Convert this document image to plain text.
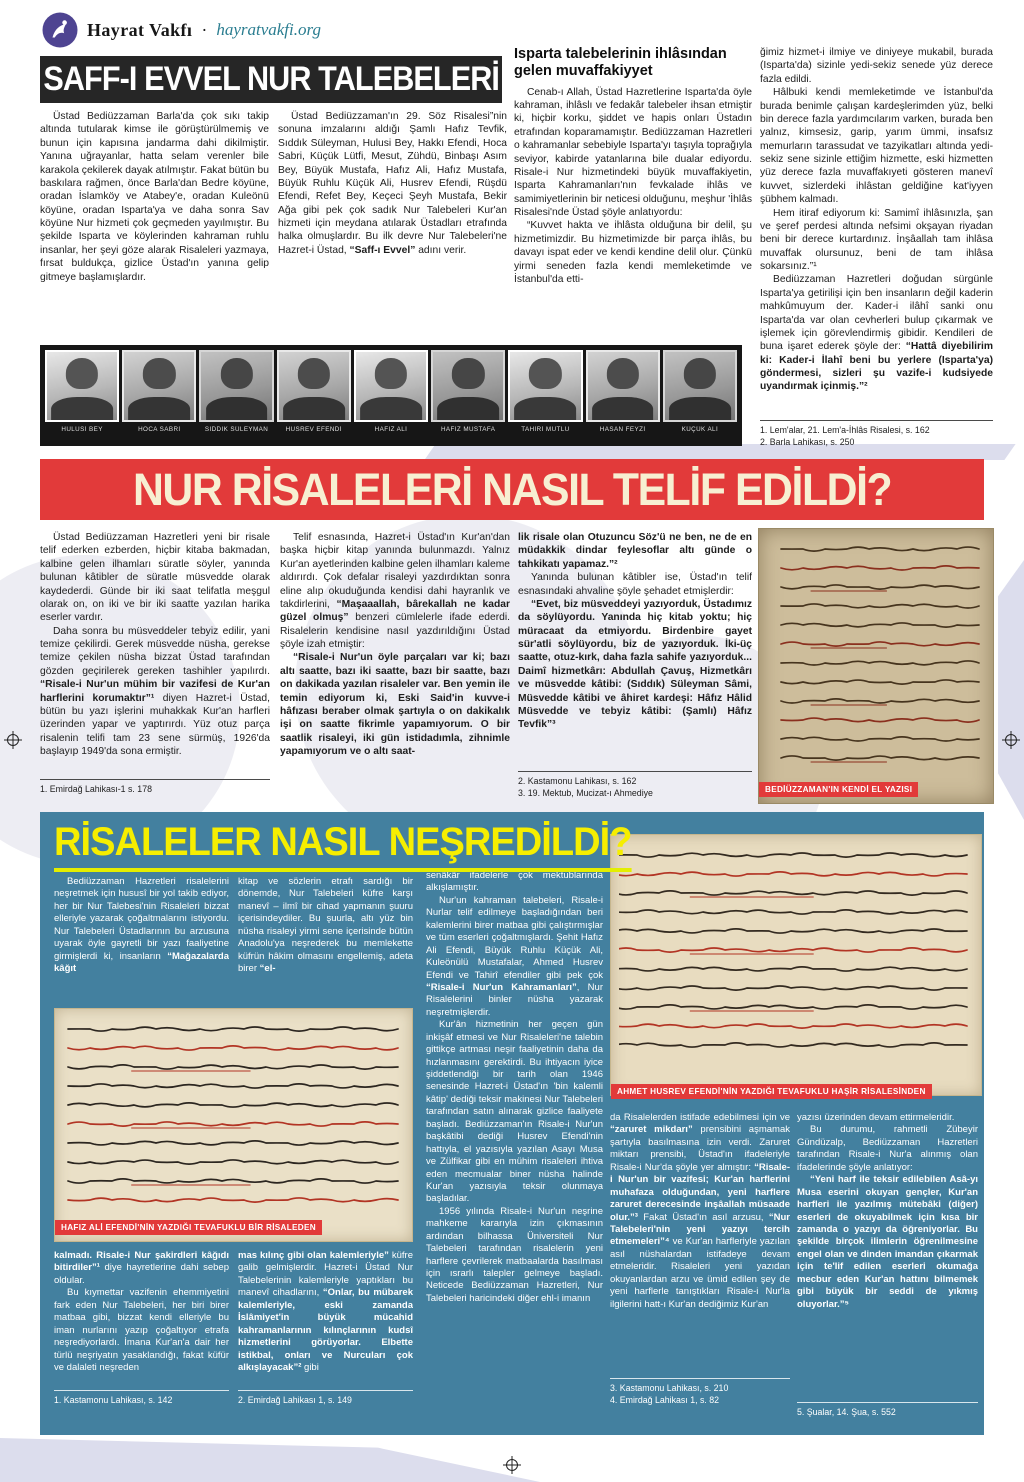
Hayrat Vakfı · hayratvakfi.org
SAFF-I EVVEL NUR TALEBELERİ

Üstad Bediüzzaman Barla'da çok sıkı takip altında tutularak kimse ile görüştürülmemiş ve bunun için kapısına jandarma dahi dikilmiştir. Yanına uğrayanlar, hatta selam verenler bile karakola çekilerek dayak atılmıştır. Fakat bütün bu baskılara rağmen, önce Barla'dan Bedre köyüne, oradan İslamköy ve Atabey'e, oradan Kuleönü köyüne, oradan Isparta'ya ve daha sonra Sav köyüne Nur hizmeti çok geçmeden yayılmıştır. Bu şekilde Isparta ve köylerinden kahraman ruhlu insanlar, her şeyi göze alarak Risaleleri yazmaya, fırsat buldukça, gizlice Üstad'ın yanına gelip gitmeye başlamışlardır.

Üstad Bediüzzaman'ın 29. Söz Risalesi”nin sonuna imzalarını aldığı Şamlı Hafız Tevfik, Sıddık Süleyman, Hulusi Bey, Hakkı Efendi, Hoca Sabri, Küçük Lütfi, Mesut, Zühdü, Binbaşı Asım Bey, Büyük Mustafa, Hafız Ali, Hafız Mustafa, Büyük Ruhlu Küçük Ali, Husrev Efendi, Rüşdü Efendi, Refet Bey, Keçeci Şeyh Mustafa, Bekir Ağa gibi pek çok sadık Nur Talebeleri Kur'an hizmeti için meydana atılarak Üstadları etrafında halka olmuşlardır. Bu ilk devre Nur Talebeleri'ne Hazret-i Üstad, “Saff-ı Evvel” adını verir.

Isparta talebelerinin ihlâsından gelen muvaffakiyyet

Cenab-ı Allah, Üstad Hazretlerine Isparta'da öyle kahraman, ihlâslı ve fedakâr talebeler ihsan etmiştir ki, hiçbir korku, şiddet ve hapis onları Üstadın etrafından koparamamıştır. Bediüzzaman Hazretleri o kahramanlar sebebiyle Isparta'yı taşıyla toprağıyla seviyor, kabirde yatanlarına bile dualar ediyordu. Risale-i Nur hizmetindeki büyük muvaffakiyetin, Isparta Kahramanları'nın fevkalade ihlâs ve samimiyetlerinin bir neticesi olduğunu, meşhur 'İhlâs Risalesi'nde Üstad şöyle anlatıyordu:

“Kuvvet hakta ve ihlâsta olduğuna bir delil, şu hizmetimizdir. Bu hizmetimizde bir parça ihlâs, bu davayı ispat eder ve kendi kendine delil olur. Çünkü yirmi seneden fazla kendi memleketimde ve İstanbul'da etti-

ğimiz hizmet-i ilmiye ve diniyeye mukabil, burada (Isparta'da) sizinle yedi-sekiz senede yüz derece fazla edildi.

Hâlbuki kendi memleketimde ve İstanbul'da burada benimle çalışan kardeşlerimden yüz, belki bin derece fazla yardımcılarım varken, burada ben yalnız, kimsesiz, garip, yarım ümmi, insafsız memurların tarassudat ve tazyikatları altında yedi-sekiz sene sizinle ettiğim hizmette, eski hizmetten yüz derece fazla muvaffakıyeti gösteren manevî kuvvet, sizlerdeki ihlâstan geldiğine kat'iyyen şübhem kalmadı.

Hem itiraf ediyorum ki: Samimî ihlâsınızla, şan ve şeref perdesi altında nefsimi okşayan riyadan beni bir derece kurtardınız. İnşâallah tam ihlâsa muvaffak olursunuz, beni de tam ihlâsa sokarsınız.”¹

Bediüzzaman Hazretleri doğudan sürgünle Isparta'ya getirilişi için ben insanların değil kaderin mahkûmuyum der. Kader-i ilâhî sanki onu Isparta'da var olan cevherleri bulup çıkarmak ve işlemek için görevlendirmiş gibidir. Kendileri de buna işaret ederek şöyle der: “Hattâ diyebilirim ki: Kader-i İlahî beni bu yerlere (Isparta'ya) göndermesi, sizleri şu vazife-i kudsiyede uyandırmak içinmiş.”²

1. Lem'alar, 21. Lem'a-İhlâs Risalesi, s. 162
2. Barla Lahikası, s. 250
HULUSİ BEY	HOCA SABRİ	SIDDIK SÜLEYMAN	HUSREV EFENDİ	HAFIZ ALİ	HAFIZ MUSTAFA	TAHİRİ MUTLU	HASAN FEYZİ	KÜÇÜK ALİ
NUR RİSALELERİ NASIL TELİF EDİLDİ?

Üstad Bediüzzaman Hazretleri yeni bir risale telif ederken ezberden, hiçbir kitaba bakmadan, kalbine gelen ilhamları süratle söyler, yanında bulunan kâtibler de süratle müsvedde olarak kaydederdi. Günde bir iki saat telifatla meşgul olarak on, on iki ve bir iki saatte yazılan harika eserler vardır.

Daha sonra bu müsveddeler tebyiz edilir, yani temize çekilirdi. Gerek müsvedde nüsha, gerekse temize çekilen nüsha bizzat Üstad tarafından gözden geçirilerek gereken tashihler yapılırdı. “Risale-i Nur'un mühim bir vazifesi de Kur'an harflerini korumaktır”¹ diyen Hazret-i Üstad, bütün bu yazı işlerini muhakkak Kur'an harfleri üzerinden yapar ve yaptırırdı. Yüz otuz parça risalenin telifi tam 23 sene sürmüş, 1926'da başlayıp 1949'da sona ermiştir.

1. Emirdağ Lahikası-1 s. 178

Telif esnasında, Hazret-i Üstad'ın Kur'an'dan başka hiçbir kitap yanında bulunmazdı. Yalnız Kur'an ayetlerinden kalbine gelen ilhamları kaleme aldırırdı. Çok defalar risaleyi yazdırdıktan sonra eline alıp okuduğunda kendisi dahi hayranlık ve takdirlerini, “Maşaaallah, bârekallah ne kadar güzel olmuş” benzeri cümlelerle ifade ederdi. Risalelerin kendisine nasıl yazdırıldığını Üstad şöyle izah etmiştir:

“Risale-i Nur'un öyle parçaları var ki; bazı altı saatte, bazı iki saatte, bazı bir saatte, bazı on dakikada yazılan risaleler var. Ben yemin ile temin ediyorum ki, Eski Said'in kuvve-i hâfızası beraber olmak şartıyla o on dakikalık işi on saatte fikrimle yapamıyorum. O bir saatlik risaleyi, iki gün istidadımla, zihnimle yapamıyorum ve o altı saat-

lik risale olan Otuzuncu Söz'ü ne ben, ne de en müdakkik dindar feylesoflar altı günde o tahkikatı yapamaz.”²

Yanında bulunan kâtibler ise, Üstad'ın telif esnasındaki ahvaline şöyle şehadet etmişlerdir:

“Evet, biz müsveddeyi yazıyorduk, Üstadımız da söylüyordu. Yanında hiç kitab yoktu; hiç müracaat da etmiyordu. Birdenbire gayet sür'atli söylüyordu, biz de yazıyorduk. İki-üç saatte, otuz-kırk, daha fazla sahife yazıyorduk... Daimî hizmetkârı: Abdullah Çavuş, Hizmetkârı ve müsvedde kâtibi: (Sıddık) Süleyman Sâmi, Müsvedde kâtibi ve âhiret kardeşi: Hâfız Hâlid Müsvedde ve tebyiz kâtibi: (Şamlı) Hâfız Tevfik”³

2. Kastamonu Lahikası, s. 162
3. 19. Mektub, Mucizat-ı Ahmediye	BEDİÜZZAMAN'IN KENDİ EL YAZISI
RİSALELER NASIL NEŞREDİLDİ?

Bediüzzaman Hazretleri risalelerini neşretmek için hususî bir yol takib ediyor, her bir Nur Talebesi'nin Risaleleri bizzat elleriyle yazarak çoğaltmalarını istiyordu. Nur Talebeleri Üstadlarının bu arzusuna uyarak öyle gayretli bir yazı faaliyetine girmişlerdi ki, insanların “Mağazalarda kâğıt

kitap ve sözlerin etrafı sardığı bir dönemde, Nur Talebeleri küfre karşı manevî – ilmî bir cihad yapmanın şuuru içerisindeydiler. Bu şuurla, altı yüz bin nüsha risaleyi yirmi sene içerisinde bütün Anadolu'ya neşrederek bu memlekette küfrün hâkim olmasını engellemiş, adeta birer “el-

HAFIZ ALİ EFENDİ'NİN YAZDIĞI TEVAFUKLU BİR RİSALEDEN

kalmadı. Risale-i Nur şakirdleri kâğıdı bitirdiler”¹ diye hayretlerine dahi sebep oldular.

Bu kıymettar vazifenin ehemmiyetini fark eden Nur Talebeleri, her biri birer matbaa gibi, bizzat kendi elleriyle bu iman nurlarını yazıp çoğaltıyor etrafa neşrediyorlardı. İmana Kur'an'a dair her türlü neşriyatın yasaklandığı, fakat küfür ve dalaleti neşreden

mas kılınç gibi olan kalemleriyle” küfre galib gelmişlerdir. Hazret-i Üstad Nur Talebelerinin kalemleriyle yaptıkları bu manevî cihadlarını, “Onlar, bu mübarek kalemleriyle, eski zamanda İslâmiyet'in büyük mücahid kahramanlarının kılınçlarının kudsî hizmetlerini görüyorlar. Elbette istikbal, onları ve Nurcuları çok alkışlayacak”² gibi

1. Kastamonu Lahikası, s. 142	2. Emirdağ Lahikası 1, s. 149

senâkâr ifadelerle çok mektublarında alkışlamıştır.

Nur'un kahraman talebeleri, Risale-i Nurlar telif edilmeye başladığından beri kalemlerini birer matbaa gibi çalıştırmışlar ve tüm eserleri çoğaltmışlardı. Şehit Hafız Ali Efendi, Büyük Ruhlu Küçük Ali, Kuleönülü Mustafalar, Ahmed Husrev Efendi ve Tahirî efendiler gibi pek çok “Risale-i Nur'un Kahramanları”, Nur Risalelerini binler nüsha yazarak neşretmişlerdir.

Kur'ân hizmetinin her geçen gün inkişâf etmesi ve Nur Risaleleri'ne talebin gittikçe artması neşir faaliyetinin daha da hızlanmasını gerektirdi. Bu ihtiyacın iyice şiddetlendiği bir tarih olan 1946 senesinde Hazret-i Üstad'ın 'bin kalemli kâtip' dediği teksir makinesi Nur Talebeleri tarafından satın alınarak gizlice faaliyete başladı. Bediüzzaman'ın Risale-i Nur'un başkâtibi dediği Husrev Efendi'nin hattıyla, el yazısıyla yazılan Asayı Musa ve Zülfikar gibi en mühim risaleleri ihtiva eden mecmualar biner nüsha halinde Kur'an yazısıyla teksir olunmaya başladılar.

1956 yılında Risale-i Nur'un neşrine mahkeme kararıyla izin çıkmasının ardından bilhassa Üniversiteli Nur Talebeleri tarafından risalelerin yeni harflere çevrilerek matbaalarda basılması için ısrarlı talepler gelmeye başladı. Neticede Bediüzzaman Hazretleri, Nur Talebeleri haricindeki diğer ehl-i imanın

AHMET HUSREV EFENDİ'NİN YAZDIĞI TEVAFUKLU HAŞİR RİSALESİNDEN

da Risalelerden istifade edebilmesi için ve “zaruret mikdarı” prensibini aşmamak şartıyla basılmasına izin verdi. Zaruret miktarı prensibi, Üstad'ın ifadeleriyle Risale-i Nur'da şöyle yer almıştır: “Risale-i Nur'un bir vazifesi; Kur'an harflerini muhafaza olduğundan, yeni harflere zaruret derecesinde inşâallah müsaade olur.”³ Fakat Üstad'ın asıl arzusu, “Nur Talebeleri'nin yeni yazıyı tercih etmemeleri”⁴ ve Kur'an harfleriyle yazılan asıl nüshalardan istifadeye devam etmeleridir. Risaleleri yeni yazıdan okuyanlardan arzu ve ümid edilen şey de yeni harflerle tanıştıkları Risale-i Nur'la ilgilerini hatt-ı Kur'an dediğimiz Kur'an

3. Kastamonu Lahikası, s. 210
4. Emirdağ Lahikası 1, s. 82

yazısı üzerinden devam ettirmeleridir.

Bu durumu, rahmetli Zübeyir Gündüzalp, Bediüzzaman Hazretleri tarafından Risale-i Nur'a alınmış olan ifadelerinde şöyle anlatıyor:

“Yeni harf ile teksir edilebilen Asâ-yı Musa eserini okuyan gençler, Kur'an harfleri ile yazılmış mütebâki (diğer) eserleri de okuyabilmek için kısa bir zamanda o yazıyı da öğreniyorlar. Bu şekilde birçok ilimlerin öğrenilmesine engel olan ve dinden imandan çıkarmak için te'lif edilen eserleri okumağa mecbur eden Kur'an hattını bilmemek gibi büyük bir seddi de yıkmış oluyorlar.”⁵

5. Şualar, 14. Şua, s. 552
